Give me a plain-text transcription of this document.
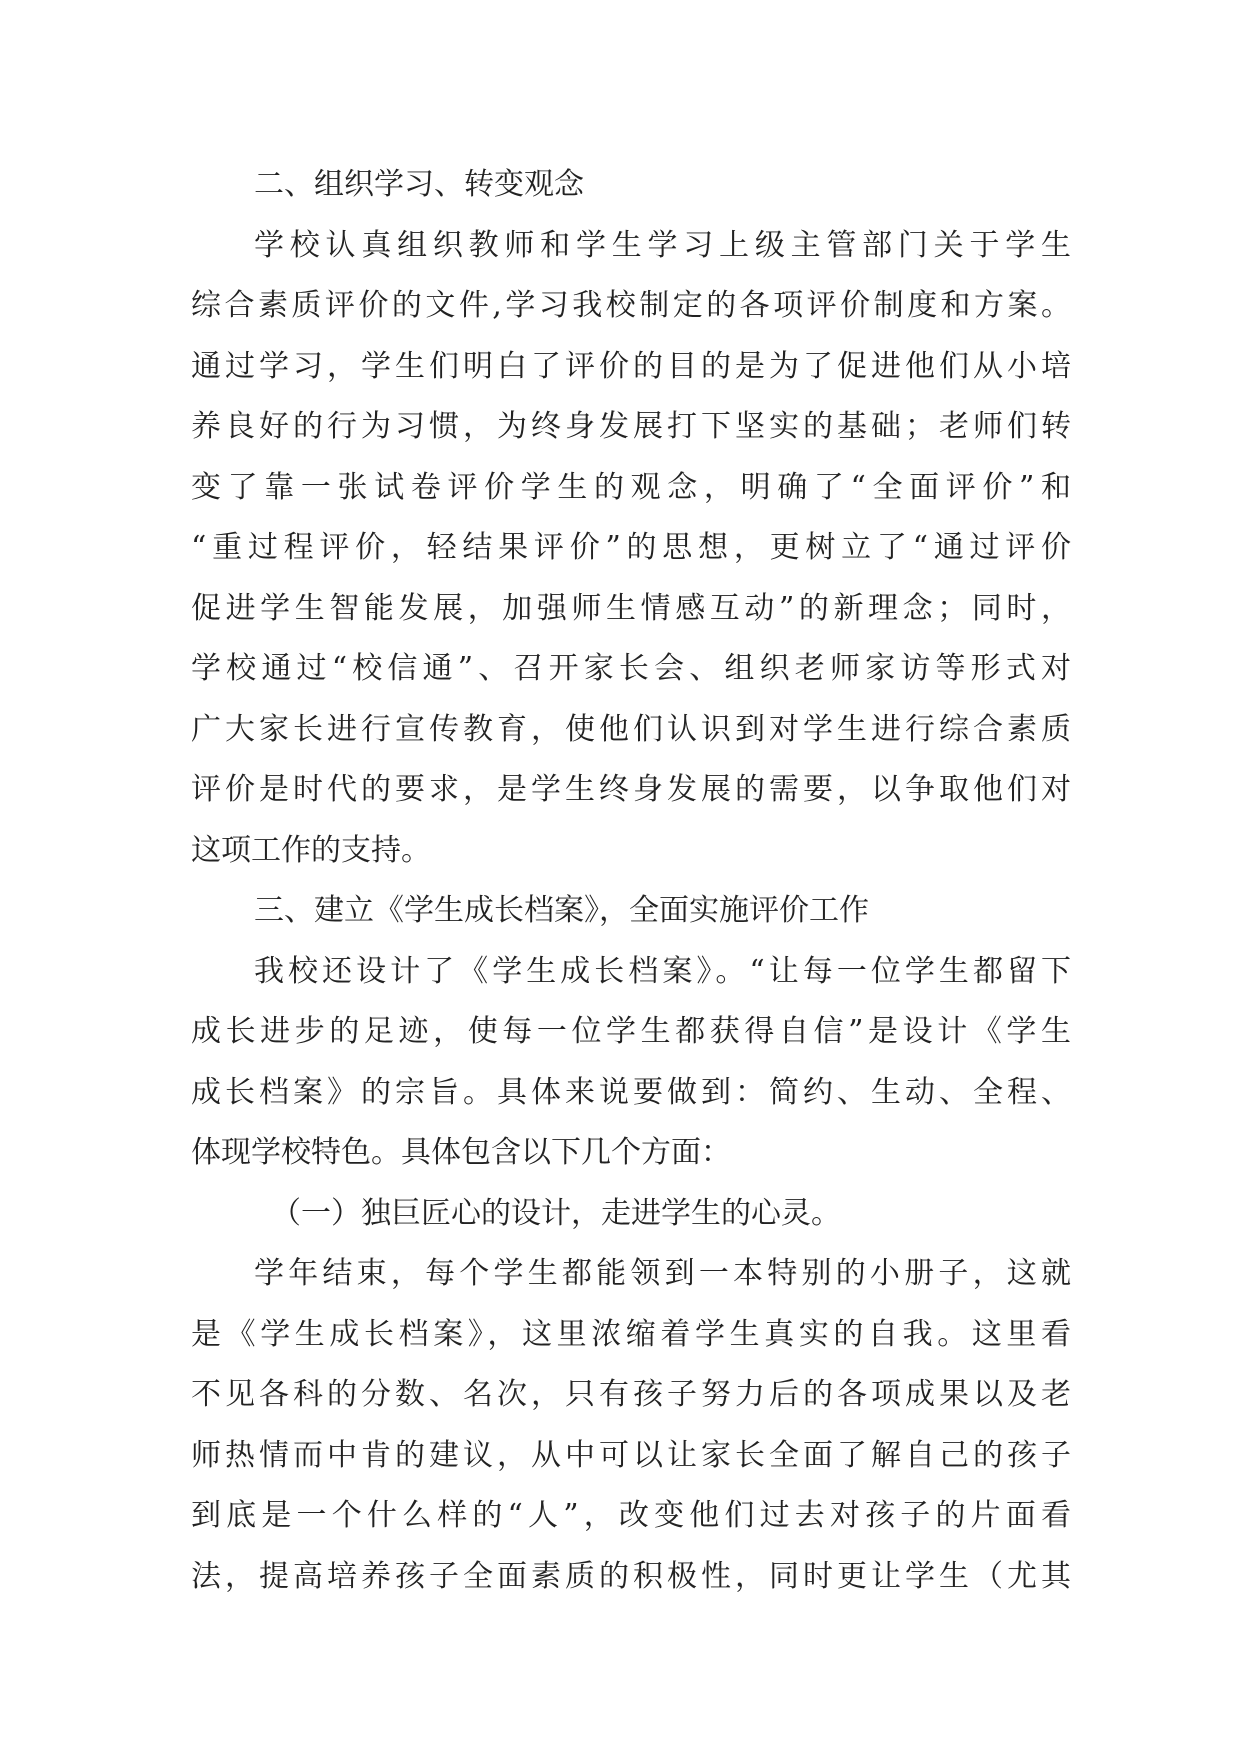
二、组织学习、转变观念
学校认真组织教师和学生学习上级主管部门关于学生
综合素质评价的文件,学习我校制定的各项评价制度和方案。
通过学习，学生们明白了评价的目的是为了促进他们从小培
养良好的行为习惯，为终身发展打下坚实的基础；老师们转
变了靠一张试卷评价学生的观念，明确了“全面评价”和
“重过程评价，轻结果评价”的思想，更树立了“通过评价
促进学生智能发展，加强师生情感互动”的新理念；同时，
学校通过“校信通”、召开家长会、组织老师家访等形式对
广大家长进行宣传教育，使他们认识到对学生进行综合素质
评价是时代的要求，是学生终身发展的需要，以争取他们对
这项工作的支持。
三、建立《学生成长档案》，全面实施评价工作
我校还设计了《学生成长档案》。“让每一位学生都留下
成长进步的足迹，使每一位学生都获得自信”是设计《学生
成长档案》的宗旨。具体来说要做到：简约、生动、全程、
体现学校特色。具体包含以下几个方面：
（一）独巨匠心的设计，走进学生的心灵。
学年结束，每个学生都能领到一本特别的小册子，这就
是《学生成长档案》，这里浓缩着学生真实的自我。这里看
不见各科的分数、名次，只有孩子努力后的各项成果以及老
师热情而中肯的建议，从中可以让家长全面了解自己的孩子
到底是一个什么样的“人”，改变他们过去对孩子的片面看
法，提高培养孩子全面素质的积极性，同时更让学生（尤其
